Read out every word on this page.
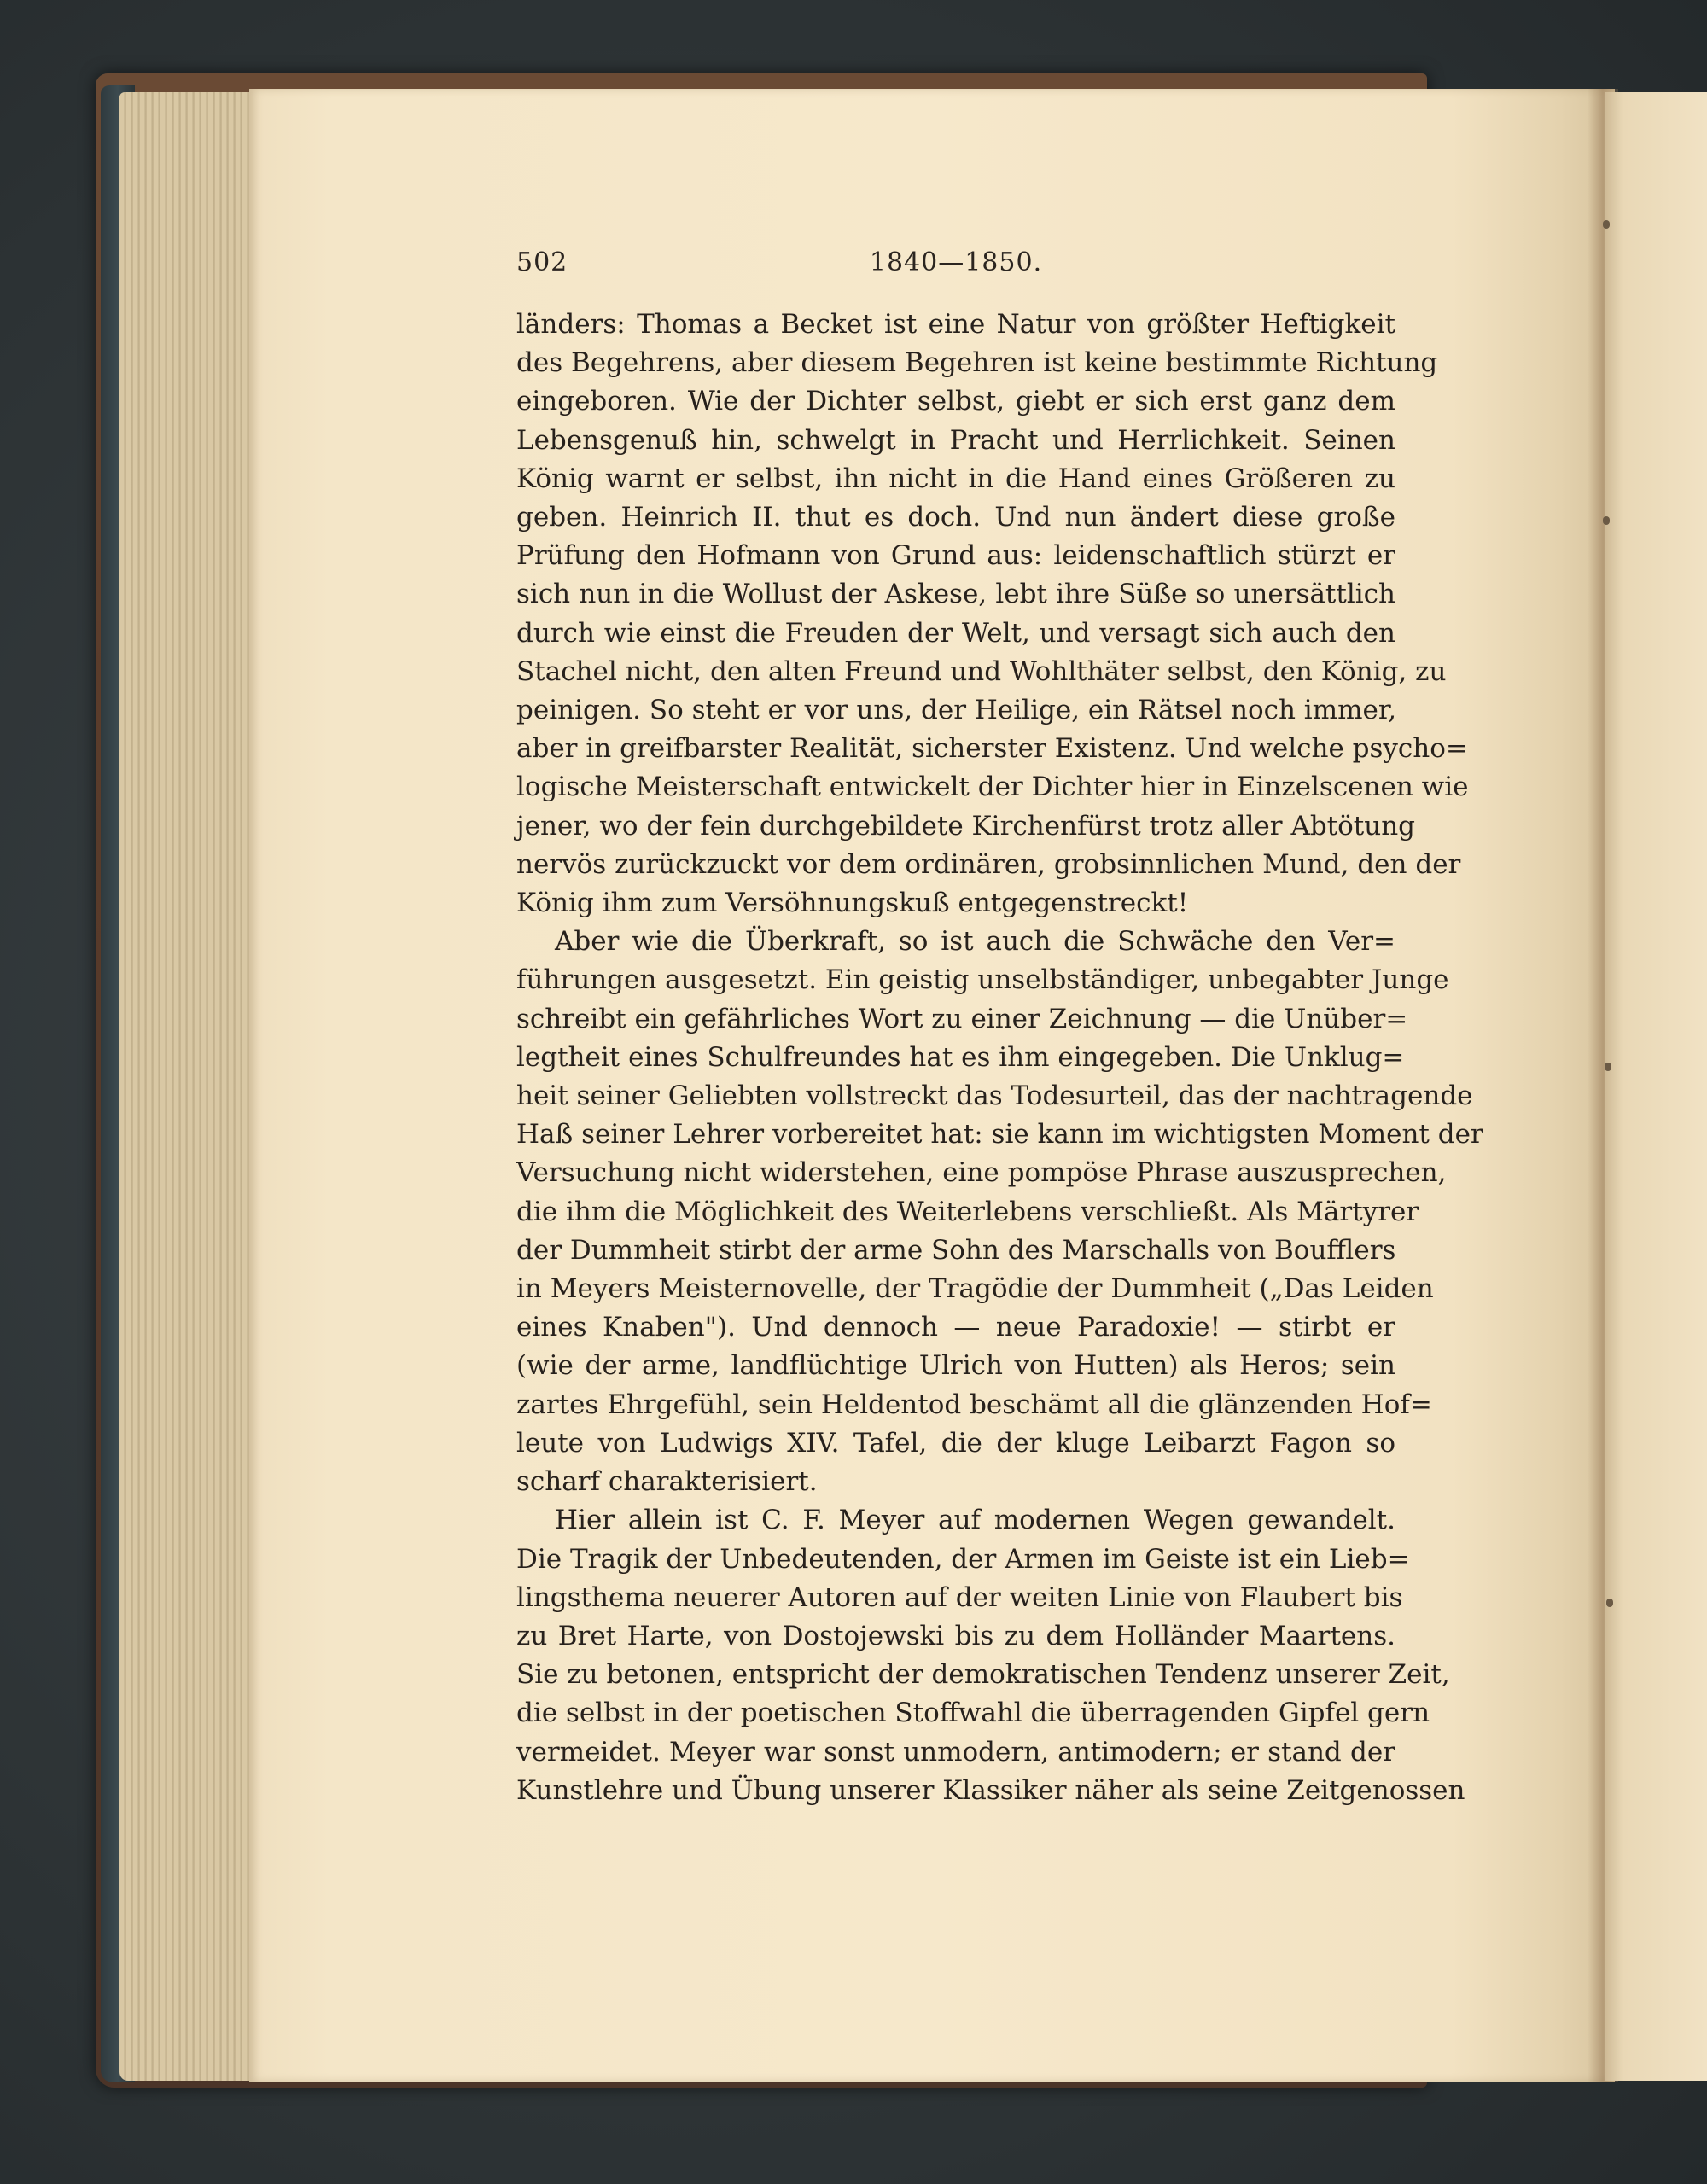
502	1840—1850.
länders: Thomas a Becket ist eine Natur von größter Heftigkeit
des Begehrens, aber diesem Begehren ist keine bestimmte Richtung
eingeboren. Wie der Dichter selbst, giebt er sich erst ganz dem
Lebensgenuß hin, schwelgt in Pracht und Herrlichkeit. Seinen
König warnt er selbst, ihn nicht in die Hand eines Größeren zu
geben. Heinrich II. thut es doch. Und nun ändert diese große
Prüfung den Hofmann von Grund aus: leidenschaftlich stürzt er
sich nun in die Wollust der Askese, lebt ihre Süße so unersättlich
durch wie einst die Freuden der Welt, und versagt sich auch den
Stachel nicht, den alten Freund und Wohlthäter selbst, den König, zu
peinigen. So steht er vor uns, der Heilige, ein Rätsel noch immer,
aber in greifbarster Realität, sicherster Existenz. Und welche psycho=
logische Meisterschaft entwickelt der Dichter hier in Einzelscenen wie
jener, wo der fein durchgebildete Kirchenfürst trotz aller Abtötung
nervös zurückzuckt vor dem ordinären, grobsinnlichen Mund, den der
König ihm zum Versöhnungskuß entgegenstreckt!
Aber wie die Überkraft, so ist auch die Schwäche den Ver=
führungen ausgesetzt. Ein geistig unselbständiger, unbegabter Junge
schreibt ein gefährliches Wort zu einer Zeichnung — die Unüber=
legtheit eines Schulfreundes hat es ihm eingegeben. Die Unklug=
heit seiner Geliebten vollstreckt das Todesurteil, das der nachtragende
Haß seiner Lehrer vorbereitet hat: sie kann im wichtigsten Moment der
Versuchung nicht widerstehen, eine pompöse Phrase auszusprechen,
die ihm die Möglichkeit des Weiterlebens verschließt. Als Märtyrer
der Dummheit stirbt der arme Sohn des Marschalls von Boufflers
in Meyers Meisternovelle, der Tragödie der Dummheit („Das Leiden
eines Knaben"). Und dennoch — neue Paradoxie! — stirbt er
(wie der arme, landflüchtige Ulrich von Hutten) als Heros; sein
zartes Ehrgefühl, sein Heldentod beschämt all die glänzenden Hof=
leute von Ludwigs XIV. Tafel, die der kluge Leibarzt Fagon so
scharf charakterisiert.
Hier allein ist C. F. Meyer auf modernen Wegen gewandelt.
Die Tragik der Unbedeutenden, der Armen im Geiste ist ein Lieb=
lingsthema neuerer Autoren auf der weiten Linie von Flaubert bis
zu Bret Harte, von Dostojewski bis zu dem Holländer Maartens.
Sie zu betonen, entspricht der demokratischen Tendenz unserer Zeit,
die selbst in der poetischen Stoffwahl die überragenden Gipfel gern
vermeidet. Meyer war sonst unmodern, antimodern; er stand der
Kunstlehre und Übung unserer Klassiker näher als seine Zeitgenossen
